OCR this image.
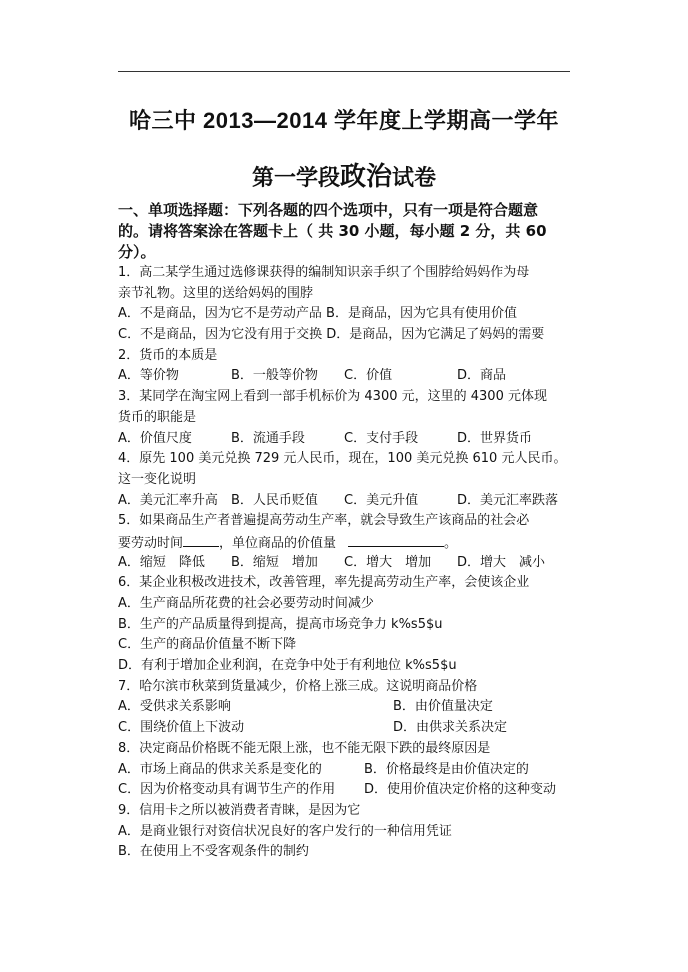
哈三中 2013—2014 学年度上学期高一学年
第一学段政治试卷
一、单项选择题：下列各题的四个选项中，只有一项是符合题意
的。请将答案涂在答题卡上（ 共 30 小题，每小题 2 分，共 60
分）。
1．高二某学生通过选修课获得的编制知识亲手织了个围脖给妈妈作为母
亲节礼物。这里的送给妈妈的围脖
A．不是商品，因为它不是劳动产品 B．是商品，因为它具有使用价值
C．不是商品，因为它没有用于交换 D．是商品，因为它满足了妈妈的需要
2．货币的本质是
A．等价物	B．一般等价物	C．价值	D．商品
3．某同学在淘宝网上看到一部手机标价为 4300 元，这里的 4300 元体现
货币的职能是
A．价值尺度	B．流通手段	C．支付手段	D．世界货币
4．原先 100 美元兑换 729 元人民币，现在，100 美元兑换 610 元人民币。
这一变化说明
A．美元汇率升高	B．人民币贬值	C．美元升值	D．美元汇率跌落
5．如果商品生产者普遍提高劳动生产率，就会导致生产该商品的社会必
要劳动时间	，单位商品的价值量	。
A．缩短　降低	B．缩短　增加	C．增大　增加	D．增大　减小
6．某企业积极改进技术，改善管理，率先提高劳动生产率，会使该企业
A．生产商品所花费的社会必要劳动时间减少
B．生产的产品质量得到提高，提高市场竞争力 k%s5$u
C．生产的商品价值量不断下降
D．有利于增加企业利润，在竞争中处于有利地位 k%s5$u
7．哈尔滨市秋菜到货量减少，价格上涨三成。这说明商品价格
A．受供求关系影响	B．由价值量决定
C．围绕价值上下波动	D．由供求关系决定
8．决定商品价格既不能无限上涨，也不能无限下跌的最终原因是
A．市场上商品的供求关系是变化的	B．价格最终是由价值决定的
C．因为价格变动具有调节生产的作用	D．使用价值决定价格的这种变动
9．信用卡之所以被消费者青睐，是因为它
A．是商业银行对资信状况良好的客户发行的一种信用凭证
B．在使用上不受客观条件的制约
